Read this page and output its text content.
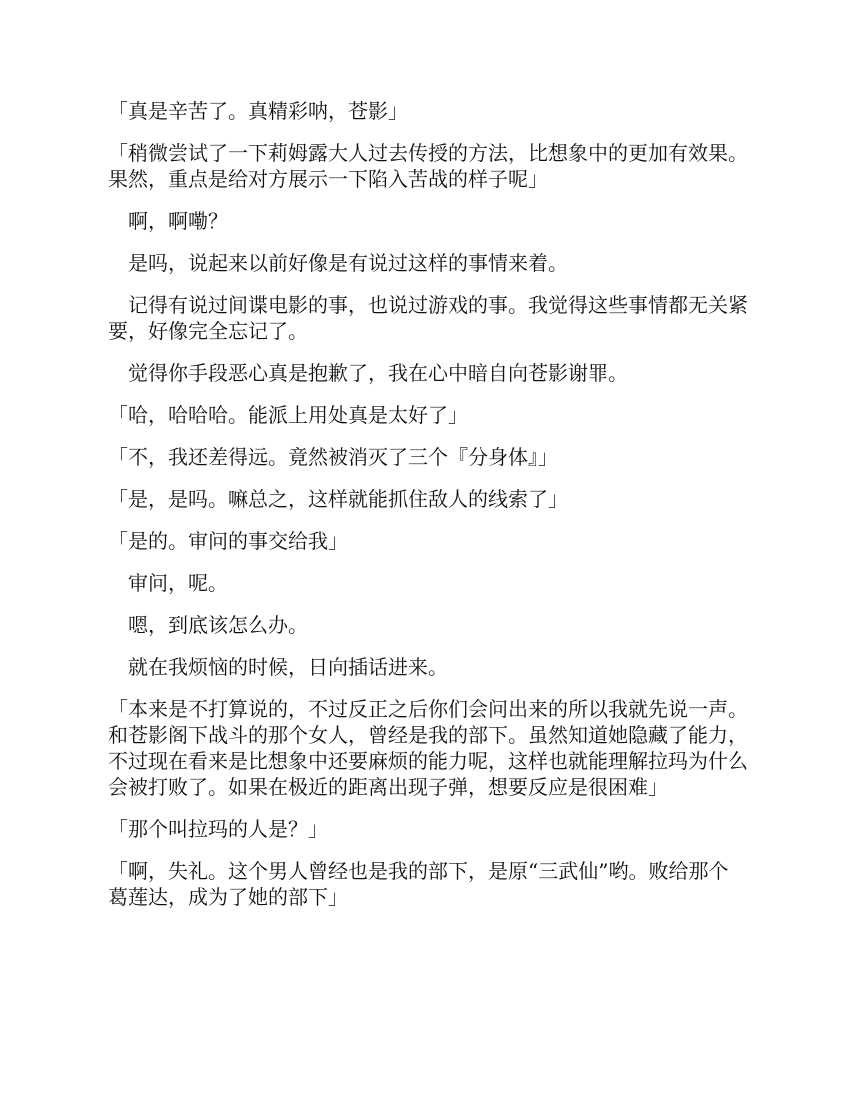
「真是辛苦了。真精彩呐，苍影」

「稍微尝试了一下莉姆露大人过去传授的方法，比想象中的更加有效果。果然，重点是给对方展示一下陷入苦战的样子呢」

啊，啊嘞？

是吗，说起来以前好像是有说过这样的事情来着。

记得有说过间谍电影的事，也说过游戏的事。我觉得这些事情都无关紧要，好像完全忘记了。

觉得你手段恶心真是抱歉了，我在心中暗自向苍影谢罪。

「哈，哈哈哈。能派上用处真是太好了」

「不，我还差得远。竟然被消灭了三个『分身体』」

「是，是吗。嘛总之，这样就能抓住敌人的线索了」

「是的。审问的事交给我」

审问，呢。

嗯，到底该怎么办。

就在我烦恼的时候，日向插话进来。

「本来是不打算说的，不过反正之后你们会问出来的所以我就先说一声。和苍影阁下战斗的那个女人，曾经是我的部下。虽然知道她隐藏了能力，不过现在看来是比想象中还要麻烦的能力呢，这样也就能理解拉玛为什么会被打败了。如果在极近的距离出现子弹，想要反应是很困难」

「那个叫拉玛的人是？」

「啊，失礼。这个男人曾经也是我的部下，是原“三武仙”哟。败给那个葛莲达，成为了她的部下」
